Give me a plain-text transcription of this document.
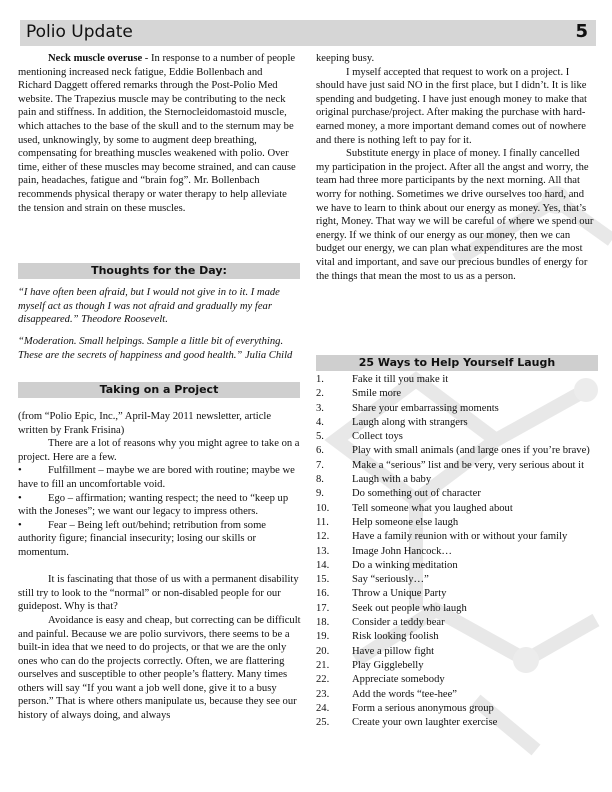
Polio Update	5

Neck muscle overuse - In response to a number of people mentioning increased neck fatigue, Eddie Bollenbach and Richard Daggett offered remarks through the Post-Polio Med website. The Trapezius muscle may be contributing to the neck pain and stiffness. In addition, the Sternocleidomastoid muscle, which attaches to the base of the skull and to the sternum may be used, unknowingly, by some to augment deep breathing, compensating for breathing muscles weakened with polio. Over time, either of these muscles may become strained, and can cause pain, headaches, fatigue and “brain fog”. Mr. Bollenbach recommends physical therapy or water therapy to help alleviate the tension and strain on these muscles.

Thoughts for the Day:
“I have often been afraid, but I would not give in to it. I made myself act as though I was not afraid and gradually my fear disappeared.” Theodore Roosevelt.
“Moderation. Small helpings. Sample a little bit of everything. These are the secrets of happiness and good health.” Julia Child
Taking on a Project

(from “Polio Epic, Inc.,” April-May 2011 newsletter, article written by Frank Frisina)

There are a lot of reasons why you might agree to take on a project. Here are a few.

• Fulfillment – maybe we are bored with routine; maybe we have to fill an uncomfortable void.

• Ego – affirmation; wanting respect; the need to “keep up with the Joneses”; we want our legacy to impress others.

• Fear – Being left out/behind; retribution from some authority figure; financial insecurity; losing our skills or momentum.

It is fascinating that those of us with a permanent disability still try to look to the “normal” or non-disabled people for our guidepost. Why is that?

Avoidance is easy and cheap, but correcting can be difficult and painful. Because we are polio survivors, there seems to be a built-in idea that we need to do projects, or that we are the only ones who can do the projects correctly. Often, we are flattering ourselves and susceptible to other people’s flattery. Many times others will say “If you want a job well done, give it to a busy person.” That is where others manipulate us, because they see our history of always doing, and always

keeping busy.

I myself accepted that request to work on a project. I should have just said NO in the first place, but I didn’t. It is like spending and budgeting. I have just enough money to make that original purchase/project. After making the purchase with hard-earned money, a more important demand comes out of nowhere and there is nothing left to pay for it.

Substitute energy in place of money. I finally cancelled my participation in the project. After all the angst and worry, the team had three more participants by the next morning. All that worry for nothing. Sometimes we drive ourselves too hard, and we have to learn to think about our energy as money. Yes, that’s right, Money. That way we will be careful of where we spend our energy. If we think of our energy as our money, then we can budget our energy, we can plan what expenditures are the most vital and important, and save our precious bundles of energy for the things that mean the most to us as a person.

25 Ways to Help Yourself Laugh
1.	Fake it till you make it
2.	Smile more
3.	Share your embarrassing moments
4.	Laugh along with strangers
5.	Collect toys
6.	Play with small animals (and large ones if you’re brave)
7.	Make a “serious” list and be very, very serious about it
8.	Laugh with a baby
9.	Do something out of character
10.	Tell someone what you laughed about
11.	Help someone else laugh
12.	Have a family reunion with or without your family
13.	Image John Hancock…
14.	Do a winking meditation
15.	Say “seriously…”
16.	Throw a Unique Party
17.	Seek out people who laugh
18.	Consider a teddy bear
19.	Risk looking foolish
20.	Have a pillow fight
21.	Play Gigglebelly
22.	Appreciate somebody
23.	Add the words “tee-hee”
24.	Form a serious anonymous group
25.	Create your own laughter exercise
